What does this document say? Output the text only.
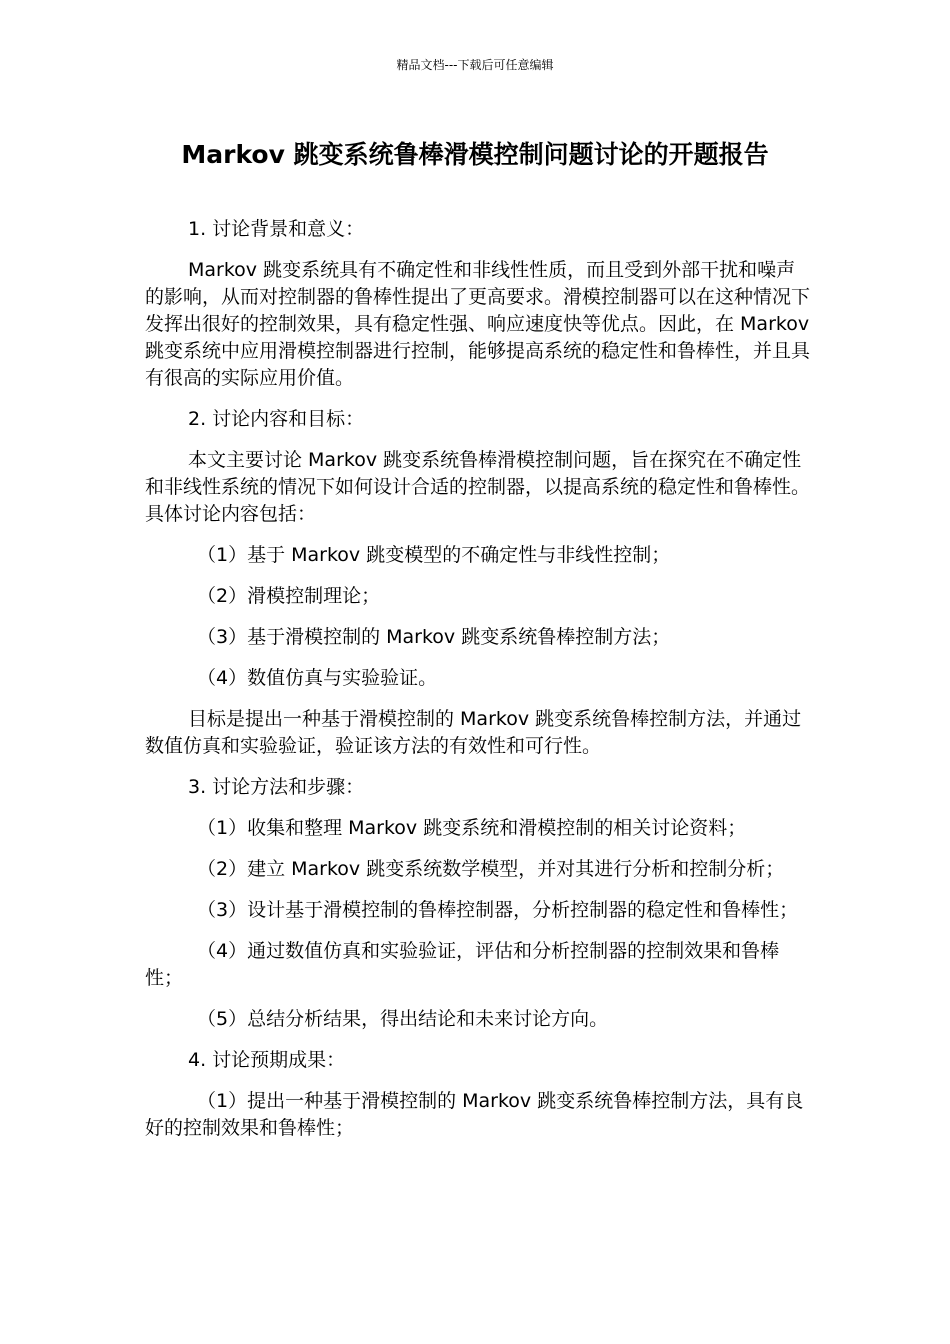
精品文档---下载后可任意编辑
Markov 跳变系统鲁棒滑模控制问题讨论的开题报告

1. 讨论背景和意义：

Markov 跳变系统具有不确定性和非线性性质，而且受到外部干扰和噪声的影响，从而对控制器的鲁棒性提出了更高要求。滑模控制器可以在这种情况下发挥出很好的控制效果，具有稳定性强、响应速度快等优点。因此，在 Markov 跳变系统中应用滑模控制器进行控制，能够提高系统的稳定性和鲁棒性，并且具有很高的实际应用价值。

2. 讨论内容和目标：

本文主要讨论 Markov 跳变系统鲁棒滑模控制问题，旨在探究在不确定性和非线性系统的情况下如何设计合适的控制器，以提高系统的稳定性和鲁棒性。具体讨论内容包括：

（1）基于 Markov 跳变模型的不确定性与非线性控制；

（2）滑模控制理论；

（3）基于滑模控制的 Markov 跳变系统鲁棒控制方法；

（4）数值仿真与实验验证。

目标是提出一种基于滑模控制的 Markov 跳变系统鲁棒控制方法，并通过数值仿真和实验验证，验证该方法的有效性和可行性。

3. 讨论方法和步骤：

（1）收集和整理 Markov 跳变系统和滑模控制的相关讨论资料；

（2）建立 Markov 跳变系统数学模型，并对其进行分析和控制分析；

（3）设计基于滑模控制的鲁棒控制器，分析控制器的稳定性和鲁棒性；

（4）通过数值仿真和实验验证，评估和分析控制器的控制效果和鲁棒性；

（5）总结分析结果，得出结论和未来讨论方向。

4. 讨论预期成果：

（1）提出一种基于滑模控制的 Markov 跳变系统鲁棒控制方法，具有良好的控制效果和鲁棒性；
